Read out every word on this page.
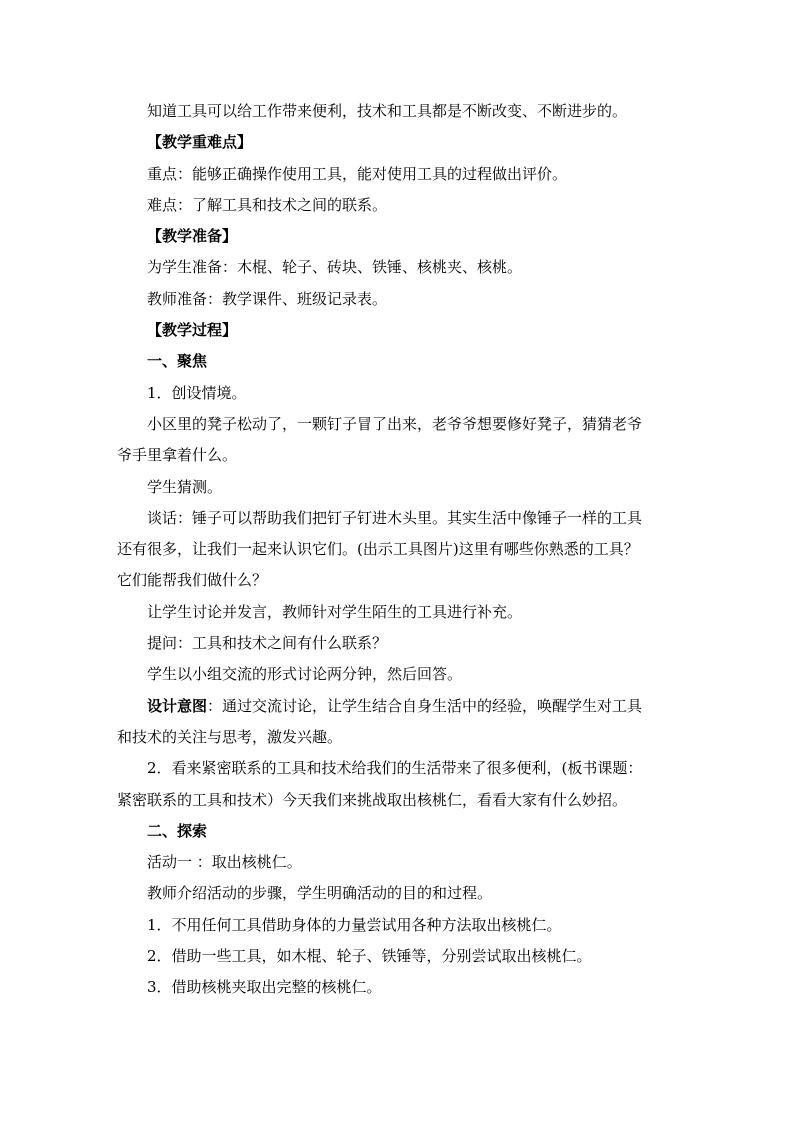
知道工具可以给工作带来便利，技术和工具都是不断改变、不断进步的。

【教学重难点】

重点：能够正确操作使用工具，能对使用工具的过程做出评价。

难点：了解工具和技术之间的联系。

【教学准备】

为学生准备：木棍、轮子、砖块、铁锤、核桃夹、核桃。

教师准备：教学课件、班级记录表。

【教学过程】

一、聚焦

1．创设情境。

小区里的凳子松动了，一颗钉子冒了出来，老爷爷想要修好凳子，猜猜老爷

爷手里拿着什么。

学生猜测。

谈话：锤子可以帮助我们把钉子钉进木头里。其实生活中像锤子一样的工具

还有很多，让我们一起来认识它们。(出示工具图片)这里有哪些你熟悉的工具？

它们能帮我们做什么？

让学生讨论并发言，教师针对学生陌生的工具进行补充。

提问：工具和技术之间有什么联系？

学生以小组交流的形式讨论两分钟，然后回答。

设计意图：通过交流讨论，让学生结合自身生活中的经验，唤醒学生对工具

和技术的关注与思考，激发兴趣。

2．看来紧密联系的工具和技术给我们的生活带来了很多便利，(板书课题：

紧密联系的工具和技术）今天我们来挑战取出核桃仁，看看大家有什么妙招。

二、探索

活动一 ：取出核桃仁。

教师介绍活动的步骤，学生明确活动的目的和过程。

1．不用任何工具借助身体的力量尝试用各种方法取出核桃仁。

2．借助一些工具，如木棍、轮子、铁锤等，分别尝试取出核桃仁。

3．借助核桃夹取出完整的核桃仁。
